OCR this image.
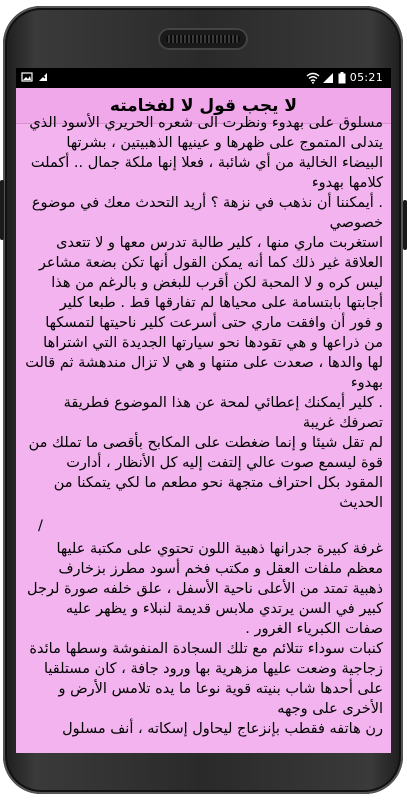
05:21
لا يجب قول لا لفخامته

مسلوق على بهدوء ونظرت الى شعره الحريري الأسود الذي يتدلى المتموج على ظهرها و عينيها الذهبيتين ، بشرتها البيضاء الخالية من أي شائبة ، فعلا إنها ملكة جمال .. أكملت كلامها بهدوء

. أيمكننا أن نذهب في نزهة ؟ أريد التحدث معك في موضوع خصوصي

استغربت ماري منها ، كلير طالبة تدرس معها و لا تتعدى العلاقة غير ذلك كما أنه يمكن القول أنها تكن بضعة مشاعر ليس كره و لا المحبة لكن أقرب للبغض و بالرغم من هذا أجابتها بابتسامة على محياها لم تفارقها قط . طبعا كلير

و فور أن وافقت ماري حتى أسرعت كلير ناحيتها لتمسكها من ذراعها و هي تقودها نحو سيارتها الجديدة التي اشتراها لها والدها ، صعدت على متنها و هي لا تزال مندهشة ثم قالت بهدوء

. كلير أيمكنك إعطائي لمحة عن هذا الموضوع فطريقة تصرفك غريبة

لم تقل شيئا و إنما ضغطت على المكابح بأقصى ما تملك من قوة ليسمع صوت عالي إلتفت إليه كل الأنظار ، أدارت المقود بكل احتراف متجهة نحو مطعم ما لكي يتمكنا من الحديث

/

غرفة كبيرة جدرانها ذهبية اللون تحتوي على مكتبة عليها معظم ملفات العقل و مكتب فخم أسود مطرز بزخارف ذهبية تمتد من الأعلى ناحية الأسفل ، علق خلفه صورة لرجل كبير في السن يرتدي ملابس قديمة لنبلاء و يظهر عليه صفات الكبرياء الغرور .

كنبات سوداء تتلائم مع تلك السجادة المنفوشة وسطها مائدة زجاجية وضعت عليها مزهرية بها ورود جافة ، كان مستلقيا على أحدها شاب بنيته قوية نوعا ما يده تلامس الأرض و الأخرى على وجهه

رن هاتفه فقطب بإنزعاج ليحاول إسكاته ، أنف مسلول
